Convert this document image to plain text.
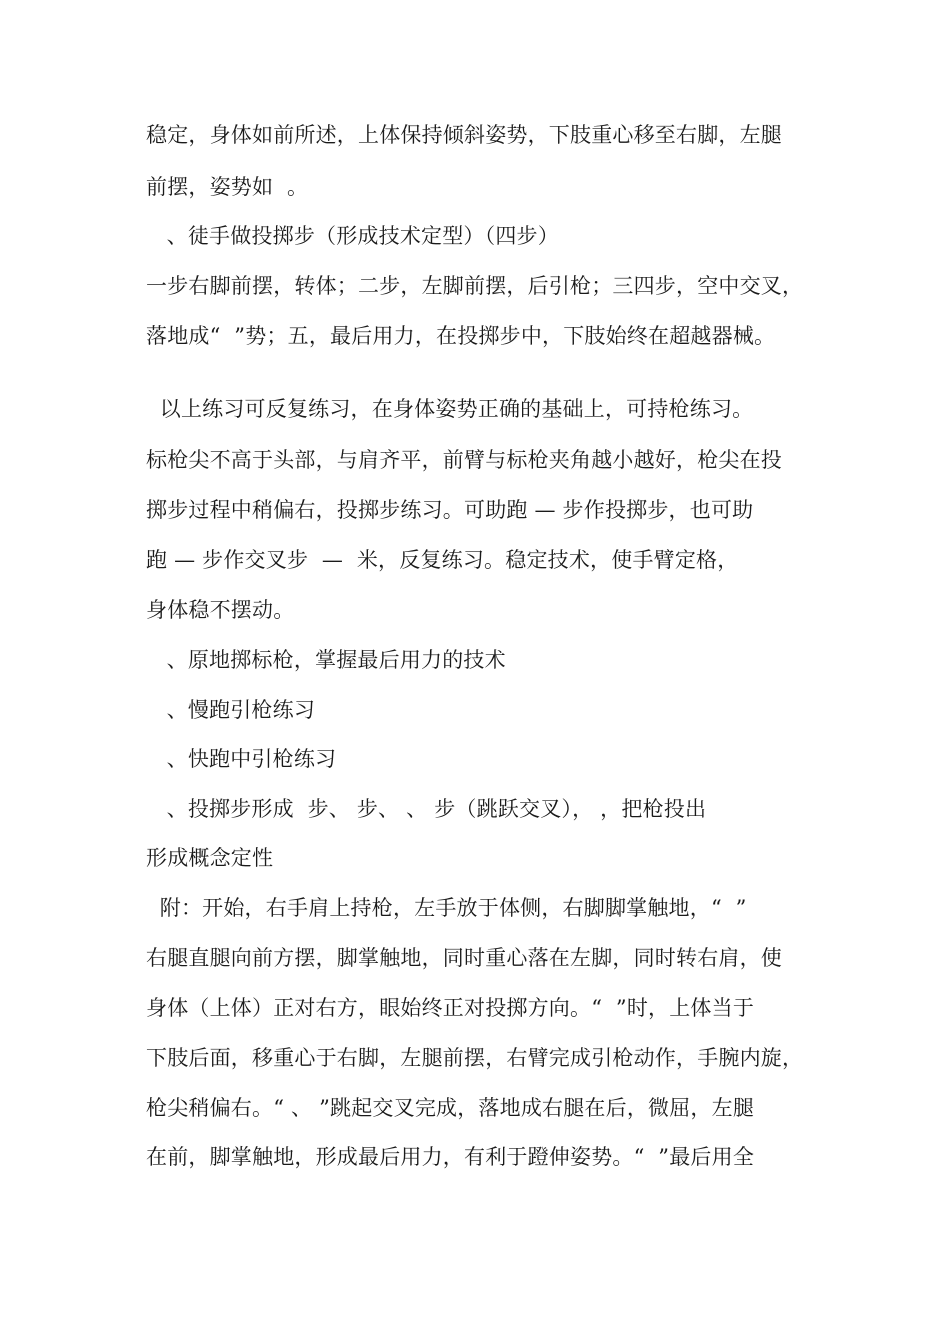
稳定，身体如前所述，上体保持倾斜姿势，下肢重心移至右脚，左腿
前摆，姿势如  。
、徒手做投掷步（形成技术定型）（四步）
一步右脚前摆，转体；二步，左脚前摆，后引枪；三四步，空中交叉，
落地成“  ”势；五，最后用力，在投掷步中，下肢始终在超越器械。
以上练习可反复练习，在身体姿势正确的基础上，可持枪练习。
标枪尖不高于头部，与肩齐平，前臂与标枪夹角越小越好，枪尖在投
掷步过程中稍偏右，投掷步练习。可助跑 — 步作投掷步，也可助
跑 — 步作交叉步  —  米，反复练习。稳定技术，使手臂定格，
身体稳不摆动。
、原地掷标枪，掌握最后用力的技术
、慢跑引枪练习
、快跑中引枪练习
、投掷步形成  步、 步、 、 步（跳跃交叉）， ，把枪投出
形成概念定性
附：开始，右手肩上持枪，左手放于体侧，右脚脚掌触地，“  ”
右腿直腿向前方摆，脚掌触地，同时重心落在左脚，同时转右肩，使
身体（上体）正对右方，眼始终正对投掷方向。“  ”时，上体当于
下肢后面，移重心于右脚，左腿前摆，右臂完成引枪动作，手腕内旋，
枪尖稍偏右。“ 、 ”跳起交叉完成，落地成右腿在后，微屈，左腿
在前，脚掌触地，形成最后用力，有利于蹬伸姿势。“  ”最后用全
